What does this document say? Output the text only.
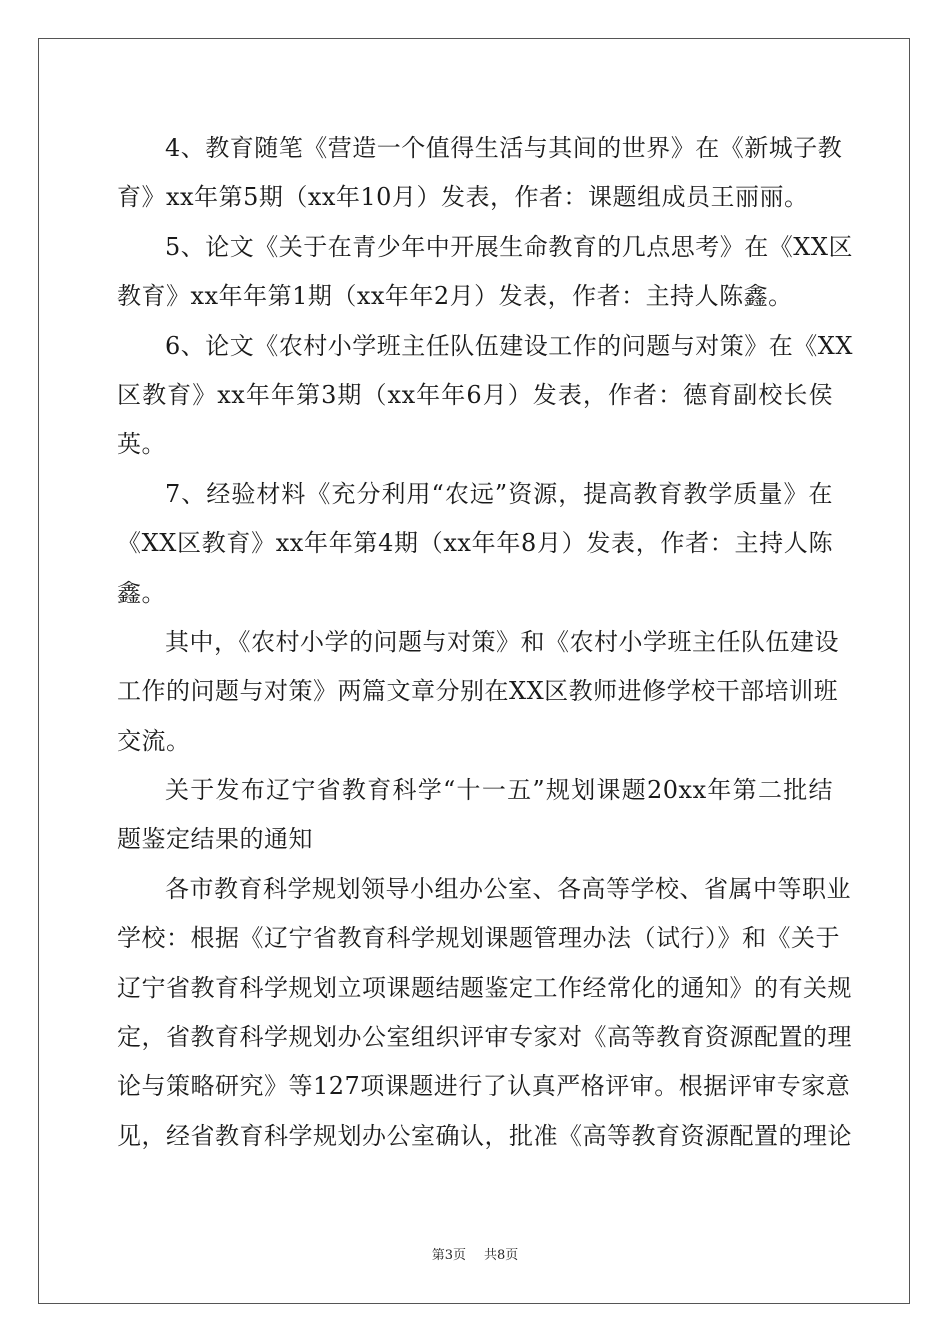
4、教育随笔《营造一个值得生活与其间的世界》在《新城子教
育》xx年第5期（xx年10月）发表，作者：课题组成员王丽丽。
5、论文《关于在青少年中开展生命教育的几点思考》在《XX区
教育》xx年年第1期（xx年年2月）发表，作者：主持人陈鑫。
6、论文《农村小学班主任队伍建设工作的问题与对策》在《XX
区教育》xx年年第3期（xx年年6月）发表，作者：德育副校长侯
英。
7、经验材料《充分利用“农远”资源，提高教育教学质量》在
《XX区教育》xx年年第4期（xx年年8月）发表，作者：主持人陈
鑫。
其中，《农村小学的问题与对策》和《农村小学班主任队伍建设
工作的问题与对策》两篇文章分别在XX区教师进修学校干部培训班
交流。
关于发布辽宁省教育科学“十一五”规划课题20xx年第二批结
题鉴定结果的通知
各市教育科学规划领导小组办公室、各高等学校、省属中等职业
学校：根据《辽宁省教育科学规划课题管理办法（试行）》和《关于
辽宁省教育科学规划立项课题结题鉴定工作经常化的通知》的有关规
定，省教育科学规划办公室组织评审专家对《高等教育资源配置的理
论与策略研究》等127项课题进行了认真严格评审。根据评审专家意
见，经省教育科学规划办公室确认，批准《高等教育资源配置的理论
第3页 共8页
